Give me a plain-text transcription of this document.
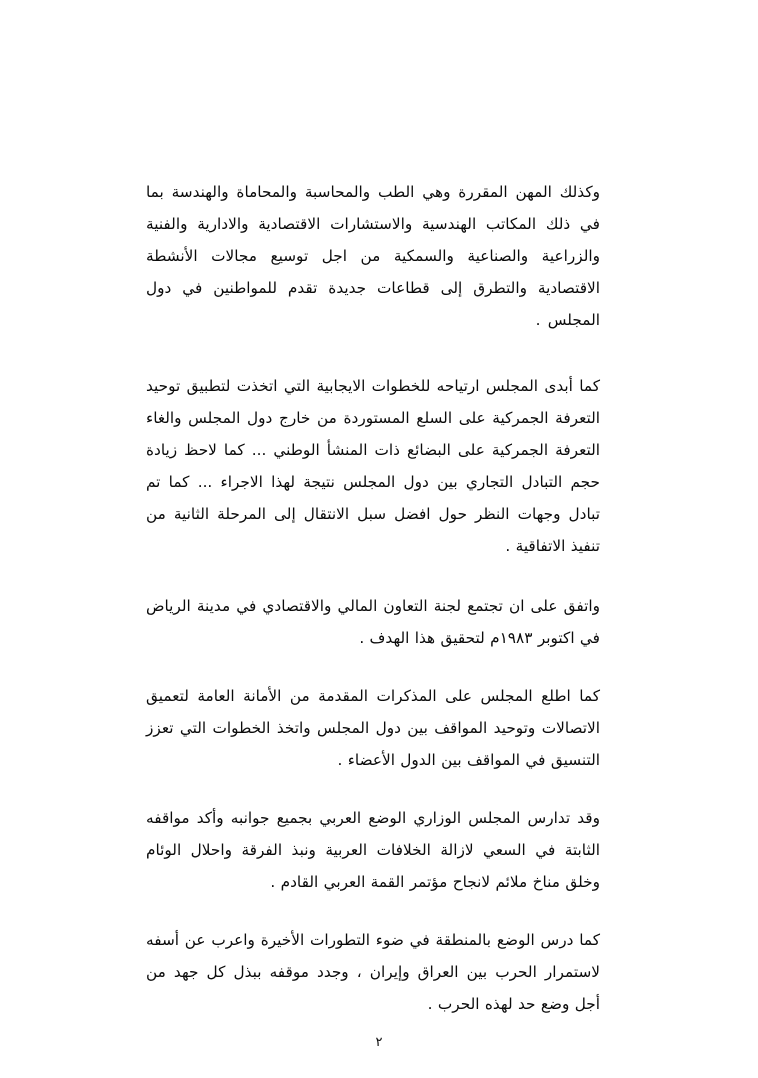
وكذلك المهن المقررة وهي الطب والمحاسبة والمحاماة والهندسة بما في ذلك المكاتب الهندسية والاستشارات الاقتصادية والادارية والفنية والزراعية والصناعية والسمكية من اجل توسيع مجالات الأنشطة الاقتصادية والتطرق إلى قطاعات جديدة تقدم للمواطنين في دول المجلس .

كما أبدى المجلس ارتياحه للخطوات الايجابية التي اتخذت لتطبيق توحيد التعرفة الجمركية على السلع المستوردة من خارج دول المجلس والغاء التعرفة الجمركية على البضائع ذات المنشأ الوطني ... كما لاحظ زيادة حجم التبادل التجاري بين دول المجلس نتيجة لهذا الاجراء ... كما تم تبادل وجهات النظر حول افضل سبل الانتقال إلى المرحلة الثانية من تنفيذ الاتفاقية .

واتفق على ان تجتمع لجنة التعاون المالي والاقتصادي في مدينة الرياض في اكتوبر ١٩٨٣م لتحقيق هذا الهدف .

كما اطلع المجلس على المذكرات المقدمة من الأمانة العامة لتعميق الاتصالات وتوحيد المواقف بين دول المجلس واتخذ الخطوات التي تعزز التنسيق في المواقف بين الدول الأعضاء .

وقد تدارس المجلس الوزاري الوضع العربي بجميع جوانبه وأكد مواقفه الثابتة في السعي لازالة الخلافات العربية ونبذ الفرقة واحلال الوئام وخلق مناخ ملائم لانجاح مؤتمر القمة العربي القادم .

كما درس الوضع بالمنطقة في ضوء التطورات الأخيرة واعرب عن أسفه لاستمرار الحرب بين العراق وإيران ، وجدد موقفه ببذل كل جهد من أجل وضع حد لهذه الحرب .

٢
